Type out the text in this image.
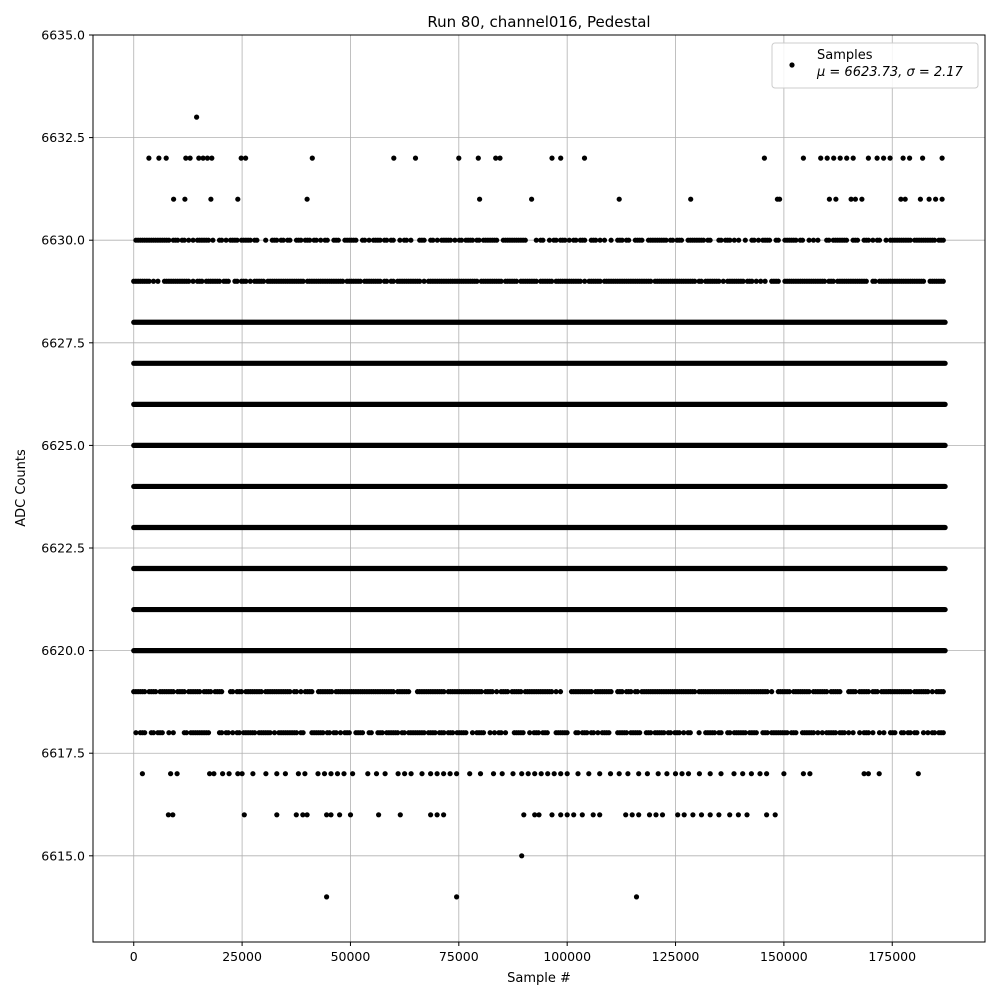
0	25000	50000	75000	100000	125000	150000	175000
6615.0
6617.5
6620.0
6622.5
6625.0
6627.5
6630.0
6632.5
6635.0
Run 80, channel016, Pedestal
Sample #
ADC Counts
Samples
μ = 6623.73, σ = 2.17
